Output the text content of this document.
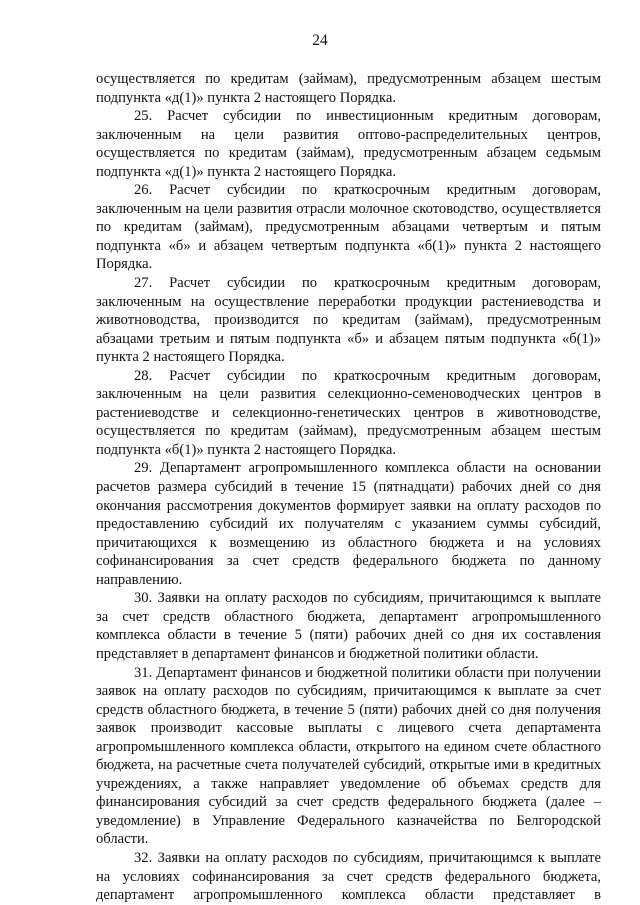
24

осуществляется по кредитам (займам), предусмотренным абзацем шестым подпункта «д(1)» пункта 2 настоящего Порядка.

25. Расчет субсидии по инвестиционным кредитным договорам, заключенным на цели развития оптово-распределительных центров, осуществляется по кредитам (займам), предусмотренным абзацем седьмым подпункта «д(1)» пункта 2 настоящего Порядка.

26. Расчет субсидии по краткосрочным кредитным договорам, заключенным на цели развития отрасли молочное скотоводство, осуществляется по кредитам (займам), предусмотренным абзацами четвертым и пятым подпункта «б» и абзацем четвертым подпункта «б(1)» пункта 2 настоящего Порядка.

27. Расчет субсидии по краткосрочным кредитным договорам, заключенным на осуществление переработки продукции растениеводства и животноводства, производится по кредитам (займам), предусмотренным абзацами третьим и пятым подпункта «б» и абзацем пятым подпункта «б(1)» пункта 2 настоящего Порядка.

28. Расчет субсидии по краткосрочным кредитным договорам, заключенным на цели развития селекционно-семеноводческих центров в растениеводстве и селекционно-генетических центров в животноводстве, осуществляется по кредитам (займам), предусмотренным абзацем шестым подпункта «б(1)» пункта 2 настоящего Порядка.

29. Департамент агропромышленного комплекса области на основании расчетов размера субсидий в течение 15 (пятнадцати) рабочих дней со дня окончания рассмотрения документов формирует заявки на оплату расходов по предоставлению субсидий их получателям с указанием суммы субсидий, причитающихся к возмещению из областного бюджета и на условиях софинансирования за счет средств федерального бюджета по данному направлению.

30. Заявки на оплату расходов по субсидиям, причитающимся к выплате за счет средств областного бюджета, департамент агропромышленного комплекса области в течение 5 (пяти) рабочих дней со дня их составления представляет в департамент финансов и бюджетной политики области.

31. Департамент финансов и бюджетной политики области при получении заявок на оплату расходов по субсидиям, причитающимся к выплате за счет средств областного бюджета, в течение 5 (пяти) рабочих дней со дня получения заявок производит кассовые выплаты с лицевого счета департамента агропромышленного комплекса области, открытого на едином счете областного бюджета, на расчетные счета получателей субсидий, открытые ими в кредитных учреждениях, а также направляет уведомление об объемах средств для финансирования субсидий за счет средств федерального бюджета (далее – уведомление) в Управление Федерального казначейства по Белгородской области.

32. Заявки на оплату расходов по субсидиям, причитающимся к выплате на условиях софинансирования за счет средств федерального бюджета, департамент агропромышленного комплекса области представляет в
